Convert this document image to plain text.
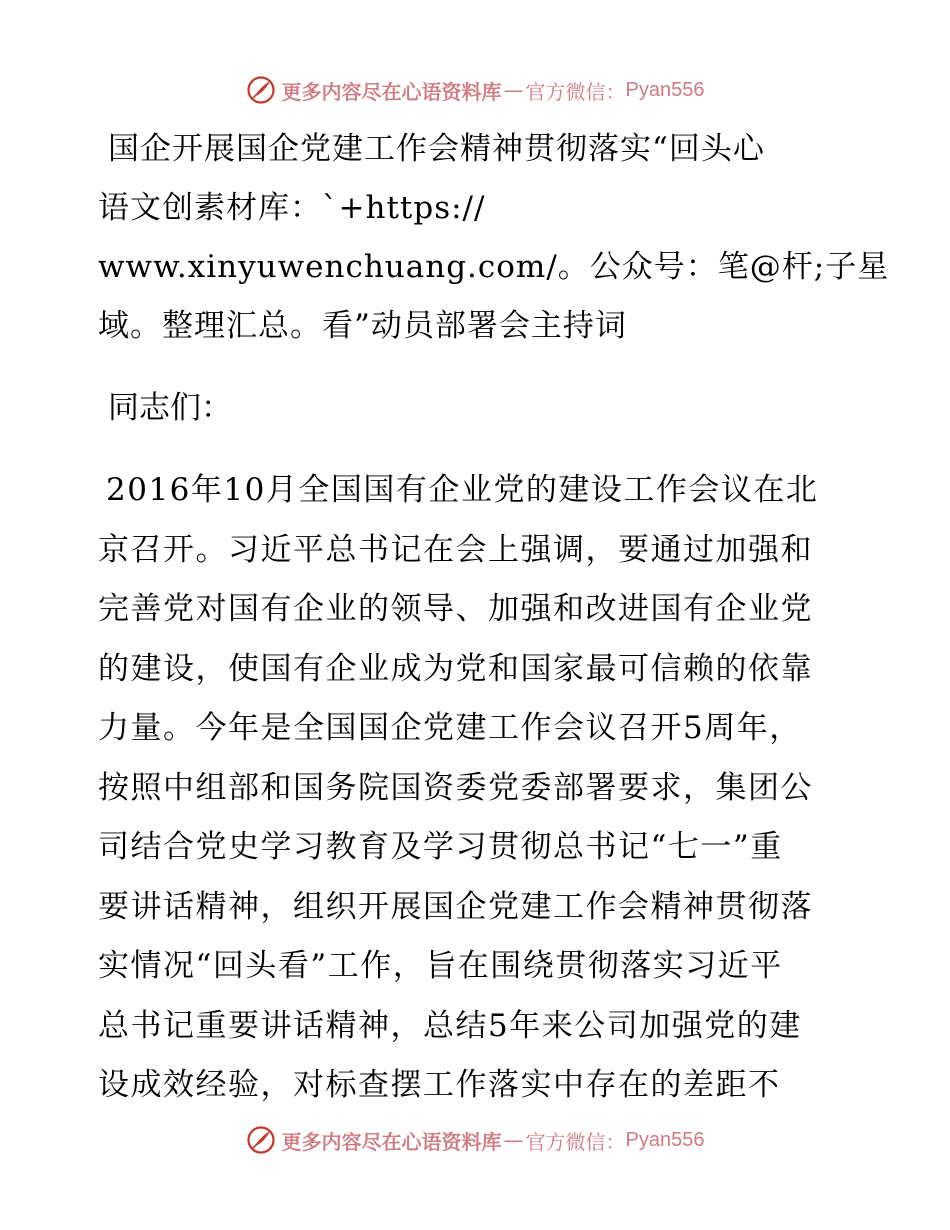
更多内容尽在心语资料库 — 官方微信： Pyan556
国企开展国企党建工作会精神贯彻落实“回头心
语文创素材库：`+https://
www.xinyuwenchuang.com/。公众号：笔@杆;子星
域。整理汇总。看”动员部署会主持词
同志们：
2016年10月全国国有企业党的建设工作会议在北
京召开。习近平总书记在会上强调，要通过加强和
完善党对国有企业的领导、加强和改进国有企业党
的建设，使国有企业成为党和国家最可信赖的依靠
力量。今年是全国国企党建工作会议召开5周年，
按照中组部和国务院国资委党委部署要求，集团公
司结合党史学习教育及学习贯彻总书记“七一”重
要讲话精神，组织开展国企党建工作会精神贯彻落
实情况“回头看”工作，旨在围绕贯彻落实习近平
总书记重要讲话精神，总结5年来公司加强党的建
设成效经验，对标查摆工作落实中存在的差距不
更多内容尽在心语资料库 — 官方微信： Pyan556
